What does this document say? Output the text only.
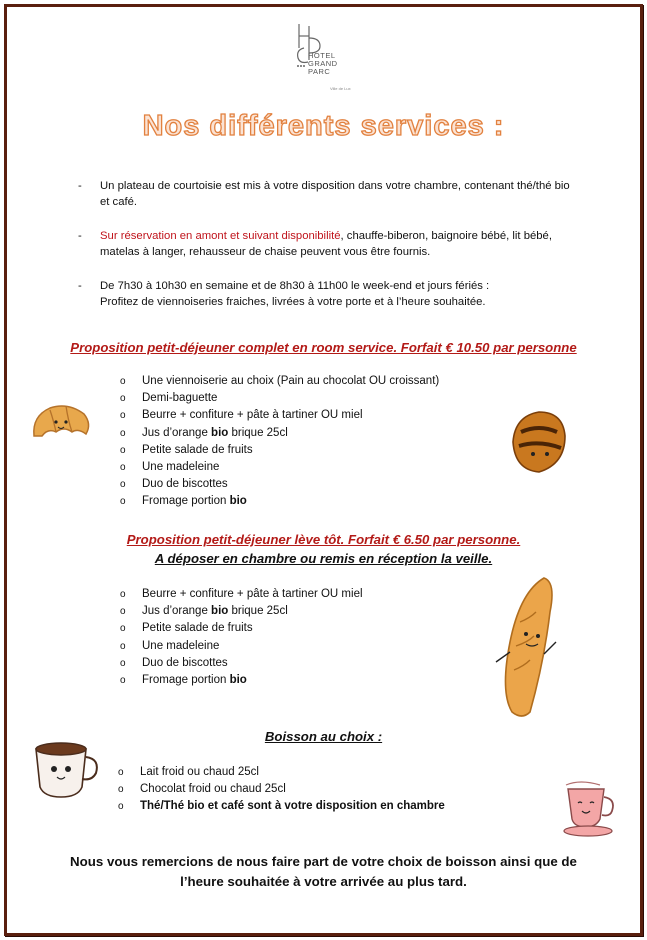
HOTEL
GRAND
PARC
Ville de Lux
Nos différents services :
- Un plateau de courtoisie est mis à votre disposition dans votre chambre, contenant thé/thé bio et café.
- Sur réservation en amont et suivant disponibilité, chauffe-biberon, baignoire bébé, lit bébé, matelas à langer, rehausseur de chaise peuvent vous être fournis.
- De 7h30 à 10h30 en semaine et de 8h30 à 11h00 le week-end et jours fériés :
Profitez de viennoiseries fraiches, livrées à votre porte et à l’heure souhaitée.
Proposition petit-déjeuner complet en room service. Forfait € 10.50 par personne
o Une viennoiserie au choix (Pain au chocolat OU croissant)
o Demi-baguette
o Beurre + confiture + pâte à tartiner OU miel
o Jus d’orange bio brique 25cl
o Petite salade de fruits
o Une madeleine
o Duo de biscottes
o Fromage portion bio
Proposition petit-déjeuner lève tôt. Forfait € 6.50 par personne.
A déposer en chambre ou remis en réception la veille.
o Beurre + confiture + pâte à tartiner OU miel
o Jus d’orange bio brique 25cl
o Petite salade de fruits
o Une madeleine
o Duo de biscottes
o Fromage portion bio
Boisson au choix :
o Lait froid ou chaud 25cl
o Chocolat froid ou chaud 25cl
o Thé/Thé bio et café sont à votre disposition en chambre
Nous vous remercions de nous faire part de votre choix de boisson ainsi que de
l’heure souhaitée à votre arrivée au plus tard.
